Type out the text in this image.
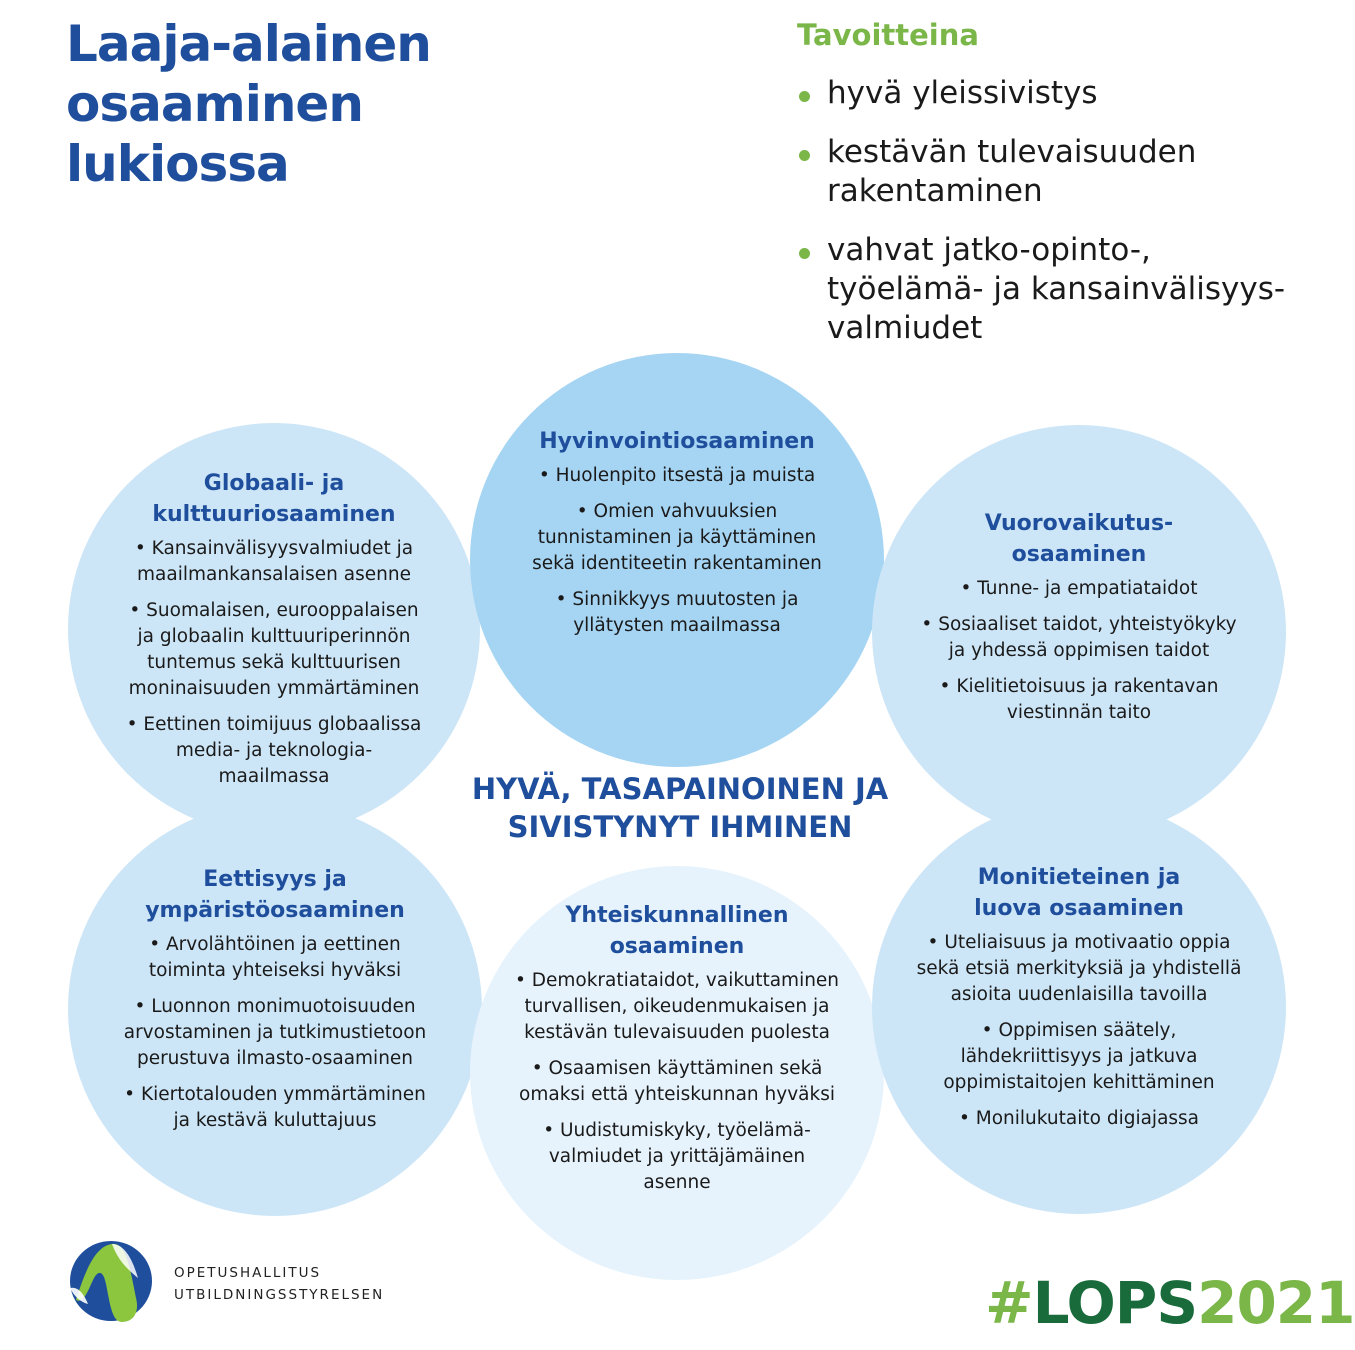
Laaja-alainen
osaaminen
lukiossa
Tavoitteina
hyvä yleissivistys
kestävän tulevaisuuden
rakentaminen
vahvat jatko-opinto-,
työelämä- ja kansainvälisyys-
valmiudet
Globaali- ja
kulttuuriosaaminen
• Kansainvälisyysvalmiudet ja
maailmankansalaisen asenne
• Suomalaisen, eurooppalaisen
ja globaalin kulttuuriperinnön
tuntemus sekä kulttuurisen
moninaisuuden ymmärtäminen
• Eettinen toimijuus globaalissa
media- ja teknologia-
maailmassa
Hyvinvointiosaaminen
• Huolenpito itsestä ja muista
• Omien vahvuuksien
tunnistaminen ja käyttäminen
sekä identiteetin rakentaminen
• Sinnikkyys muutosten ja
yllätysten maailmassa
Vuorovaikutus-
osaaminen
• Tunne- ja empatiataidot
• Sosiaaliset taidot, yhteistyökyky
ja yhdessä oppimisen taidot
• Kielitietoisuus ja rakentavan
viestinnän taito
Eettisyys ja
ympäristöosaaminen
• Arvolähtöinen ja eettinen
toiminta yhteiseksi hyväksi
• Luonnon monimuotoisuuden
arvostaminen ja tutkimustietoon
perustuva ilmasto-osaaminen
• Kiertotalouden ymmärtäminen
ja kestävä kuluttajuus
Yhteiskunnallinen
osaaminen
• Demokratiataidot, vaikuttaminen
turvallisen, oikeudenmukaisen ja
kestävän tulevaisuuden puolesta
• Osaamisen käyttäminen sekä
omaksi että yhteiskunnan hyväksi
• Uudistumiskyky, työelämä-
valmiudet ja yrittäjämäinen
asenne
Monitieteinen ja
luova osaaminen
• Uteliaisuus ja motivaatio oppia
sekä etsiä merkityksiä ja yhdistellä
asioita uudenlaisilla tavoilla
• Oppimisen säätely,
lähdekriittisyys ja jatkuva
oppimistaitojen kehittäminen
• Monilukutaito digiajassa
HYVÄ, TASAPAINOINEN JA
SIVISTYNYT IHMINEN
OPETUSHALLITUS
UTBILDNINGSSTYRELSEN	#LOPS2021
